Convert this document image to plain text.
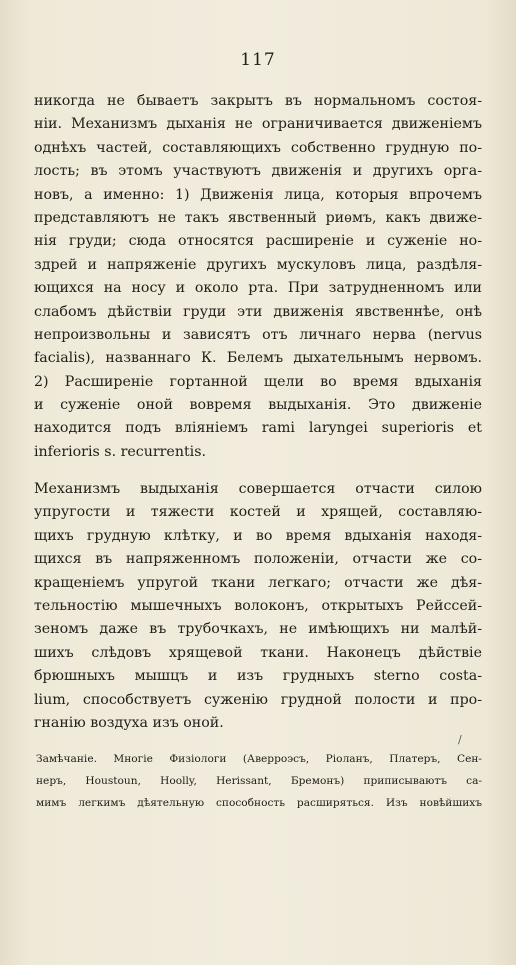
117
никогда не бываетъ закрытъ въ нормальномъ состоя-
ніи. Механизмъ дыханія не ограничивается движеніемъ
однѣхъ частей, составляющихъ собственно грудную по-
лость; въ этомъ участвуютъ движенія и другихъ орга-
новъ, а именно: 1) Движенія лица, которыя впрочемъ
представляютъ не такъ явственный риѳмъ, какъ движе-
нія груди; сюда относятся расширеніе и суженіе но-
здрей и напряженіе другихъ мускуловъ лица, раздѣля-
ющихся на носу и около рта. При затрудненномъ или
слабомъ дѣйствіи груди эти движенія явственнѣе, онѣ
непроизвольны и зависятъ отъ личнаго нерва (nervus
facialis), названнаго К. Белемъ дыхательнымъ нервомъ.
2) Расширеніе гортанной щели во время вдыханія
и суженіе оной вовремя выдыханія. Это движеніе
находится подъ вліяніемъ rami laryngei superioris et
inferioris s. recurrentis.
Механизмъ выдыханія совершается отчасти силою
упругости и тяжести костей и хрящей, составляю-
щихъ грудную клѣтку, и во время вдыханія находя-
щихся въ напряженномъ положеніи, отчасти же со-
кращеніемъ упругой ткани легкаго; отчасти же дѣя-
тельностію мышечныхъ волоконъ, открытыхъ Рейссей-
зеномъ даже въ трубочкахъ, не имѣющихъ ни малѣй-
шихъ слѣдовъ хрящевой ткани. Наконецъ дѣйствіе
брюшныхъ мышцъ и изъ грудныхъ sterno costa-
lium, способствуетъ суженію грудной полости и про-
гнанію воздуха изъ оной.
/
Замѣчаніе. Многіе Физіологи (Аверроэсъ, Ріоланъ, Платеръ, Сен-
неръ, Houstoun, Hoolly, Herissant, Бремонъ) приписываютъ са-
мимъ легкимъ дѣятельную способность расширяться. Изъ новѣйшихъ
